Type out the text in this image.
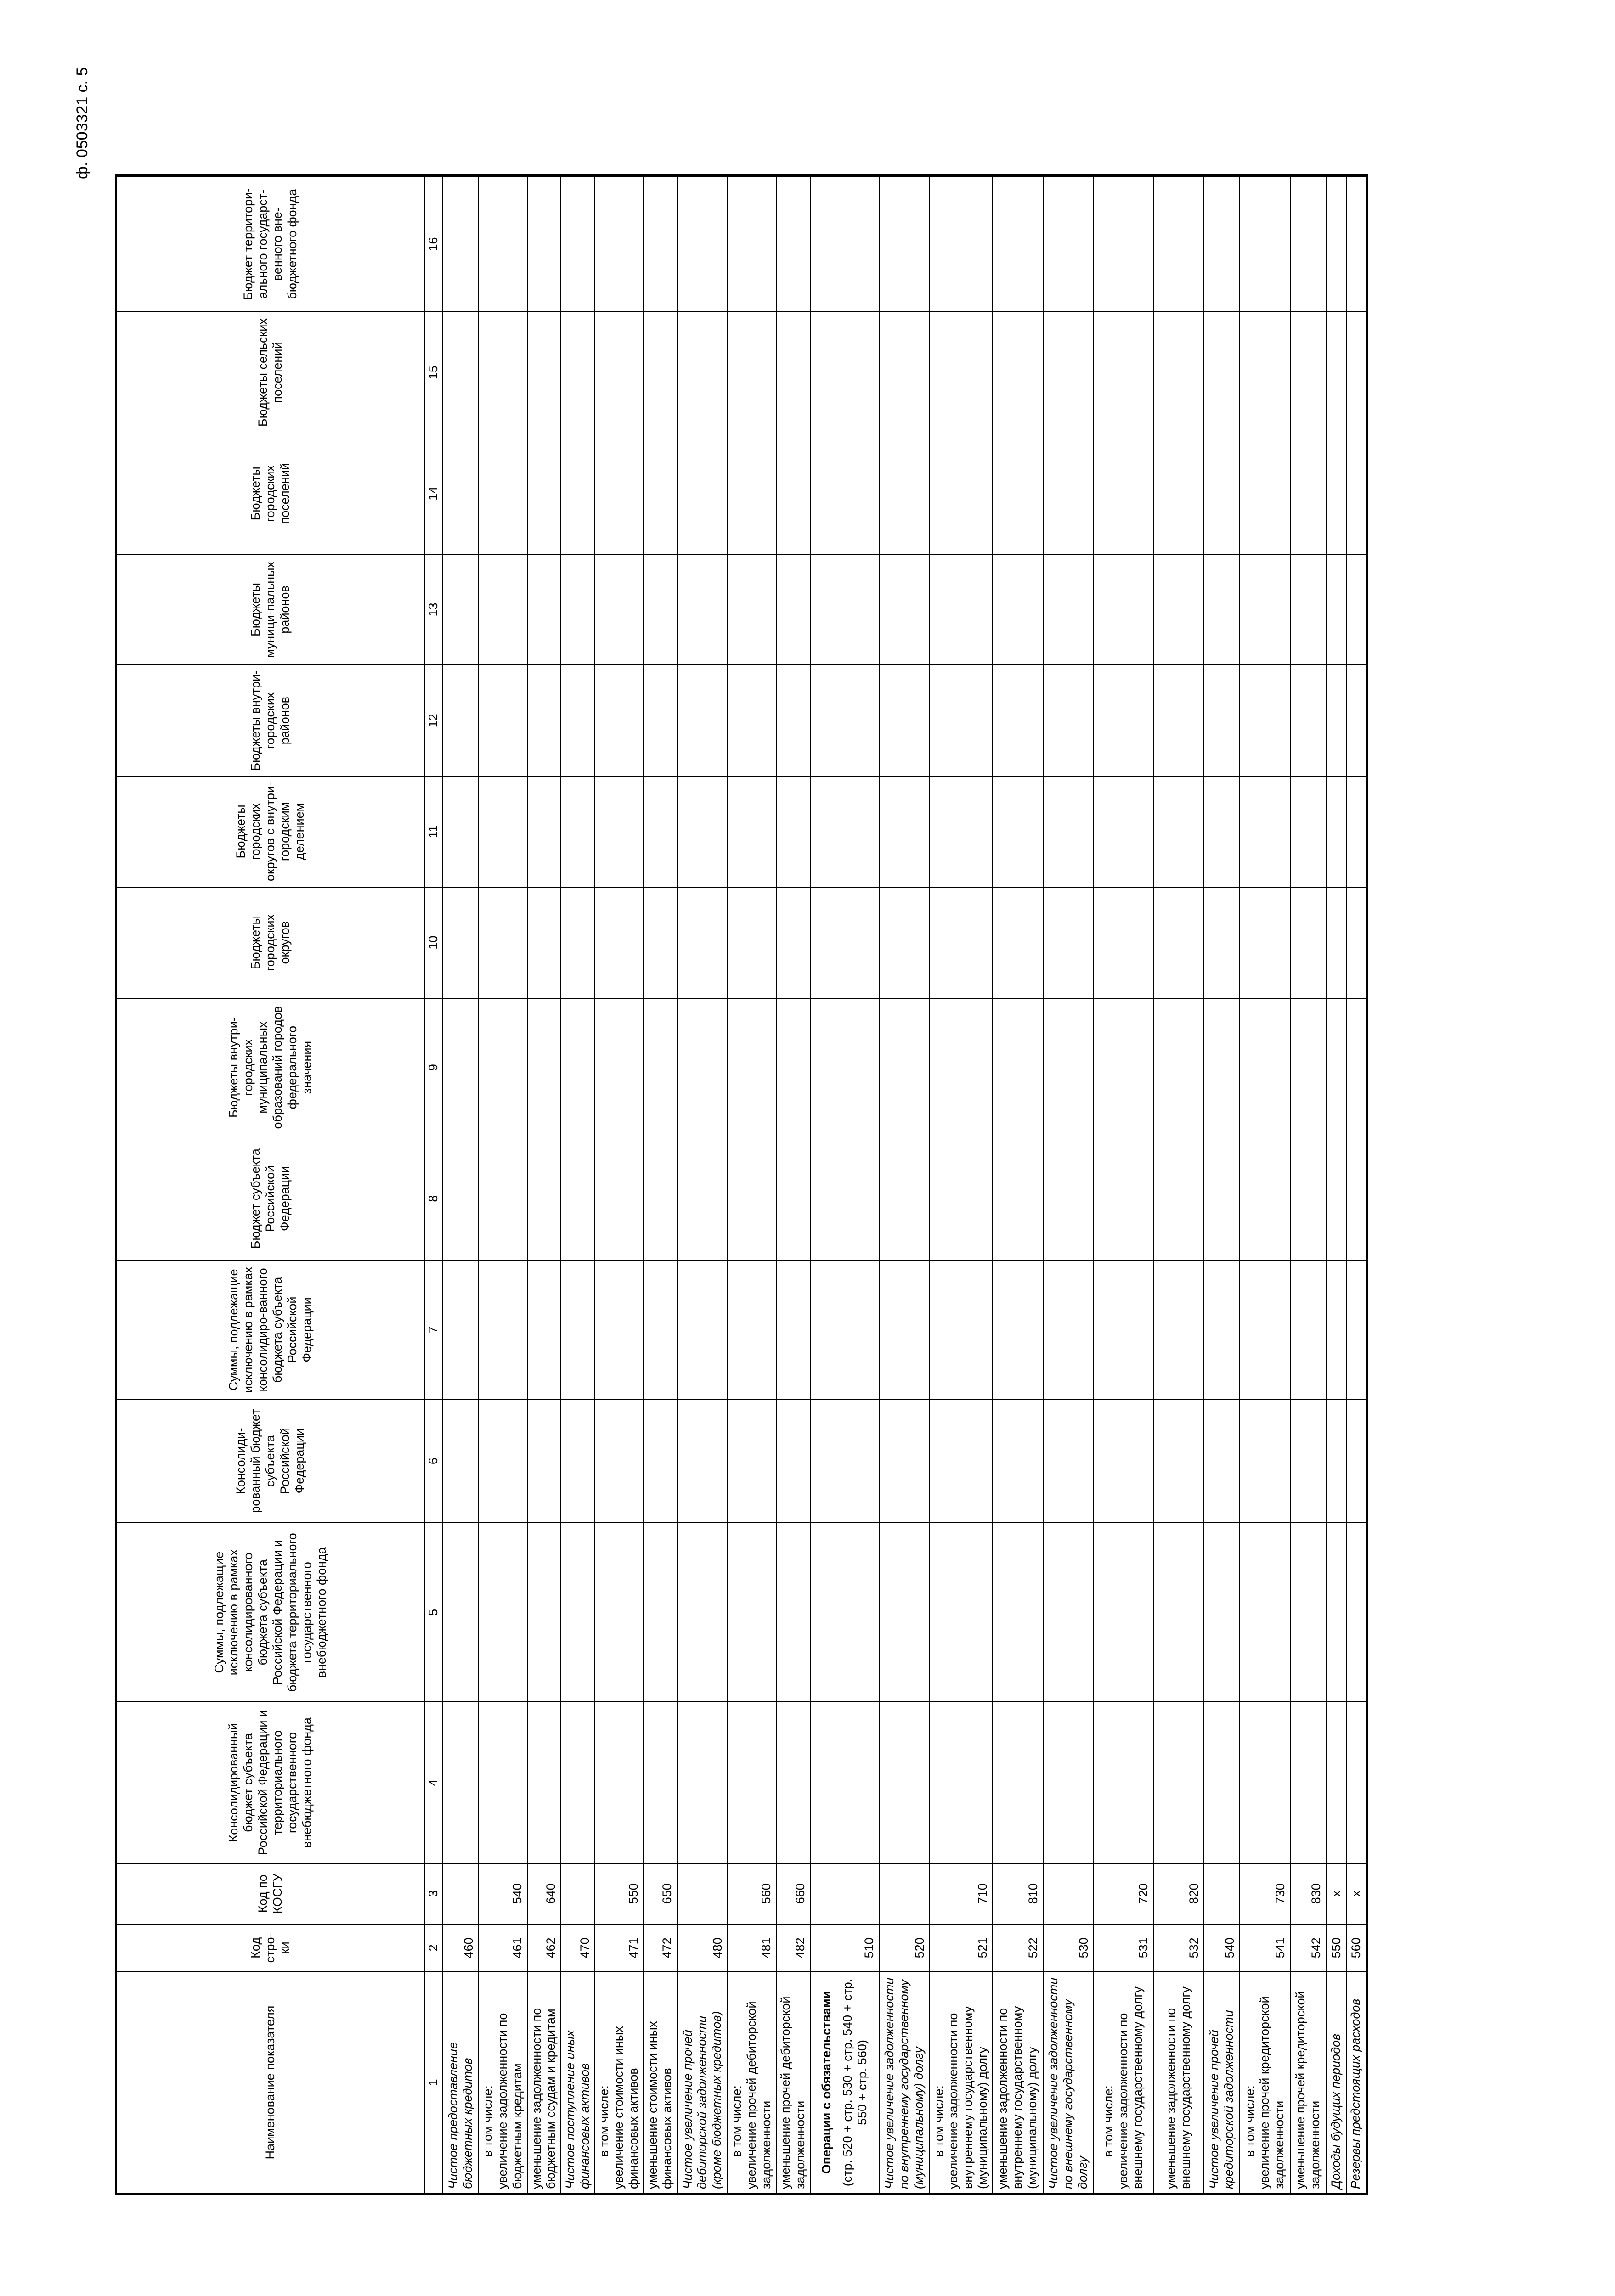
ф. 0503321 с. 5
Наименование показателя	Код стро-ки	Код по КОСГУ	Консолидированный бюджет субъекта Российской Федерации и территориального государственного внебюджетного фонда	Суммы, подлежащие исключению в рамках консолидированного бюджета субъекта Российской Федерации и бюджета территориального государственного внебюджетного фонда	Консолиди-рованный бюджет субъекта Российской Федерации	Суммы, подлежащие исключению в рамках консолидиро-ванного бюджета субъекта Российской Федерации	Бюджет субъекта Российской Федерации	Бюджеты внутри-городских муниципальных образований городов федерального значения	Бюджеты городских округов	Бюджеты городских округов с внутри-городским делением	Бюджеты внутри-городских районов	Бюджеты муници-пальных районов	Бюджеты городских поселений	Бюджеты сельских поселений	Бюджет территори-ального государст-венного вне-бюджетного фонда
1	2	3	4	5	6	7	8	9	10	11	12	13	14	15	16
Чистое предоставление бюджетных кредитов	460														

в том числе: увеличение задолженности по бюджетным кредитам	461	540													
уменьшение задолженности по бюджетным ссудам и кредитам	462	640													
Чистое поступление иных финансовых активов	470														

в том числе: увеличение стоимости иных финансовых активов	471	550													
уменьшение стоимости иных финансовых активов	472	650													
Чистое увеличение прочей дебиторской задолженности (кроме бюджетных кредитов)	480														

в том числе: увеличение прочей дебиторской задолженности	481	560													
уменьшение прочей дебиторской задолженности	482	660													

Операции с обязательствами (стр. 520 + стр. 530 + стр. 540 + стр. 550 + стр. 560)	510														
Чистое увеличение задолженности по внутреннему государственному (муниципальному) долгу	520														

в том числе: увеличение задолженности по внутреннему государственному (муниципальному) долгу	521	710													
уменьшение задолженности по внутреннему государственному (муниципальному) долгу	522	810													
Чистое увеличение задолженности по внешнему государственному долгу	530														

в том числе: увеличение задолженности по внешнему государственному долгу	531	720													
уменьшение задолженности по внешнему государственному долгу	532	820													
Чистое увеличение прочей кредиторской задолженности	540														

в том числе: увеличение прочей кредиторской задолженности	541	730													
уменьшение прочей кредиторской задолженности	542	830													
Доходы будущих периодов	550	x													
Резервы предстоящих расходов	560	x													
